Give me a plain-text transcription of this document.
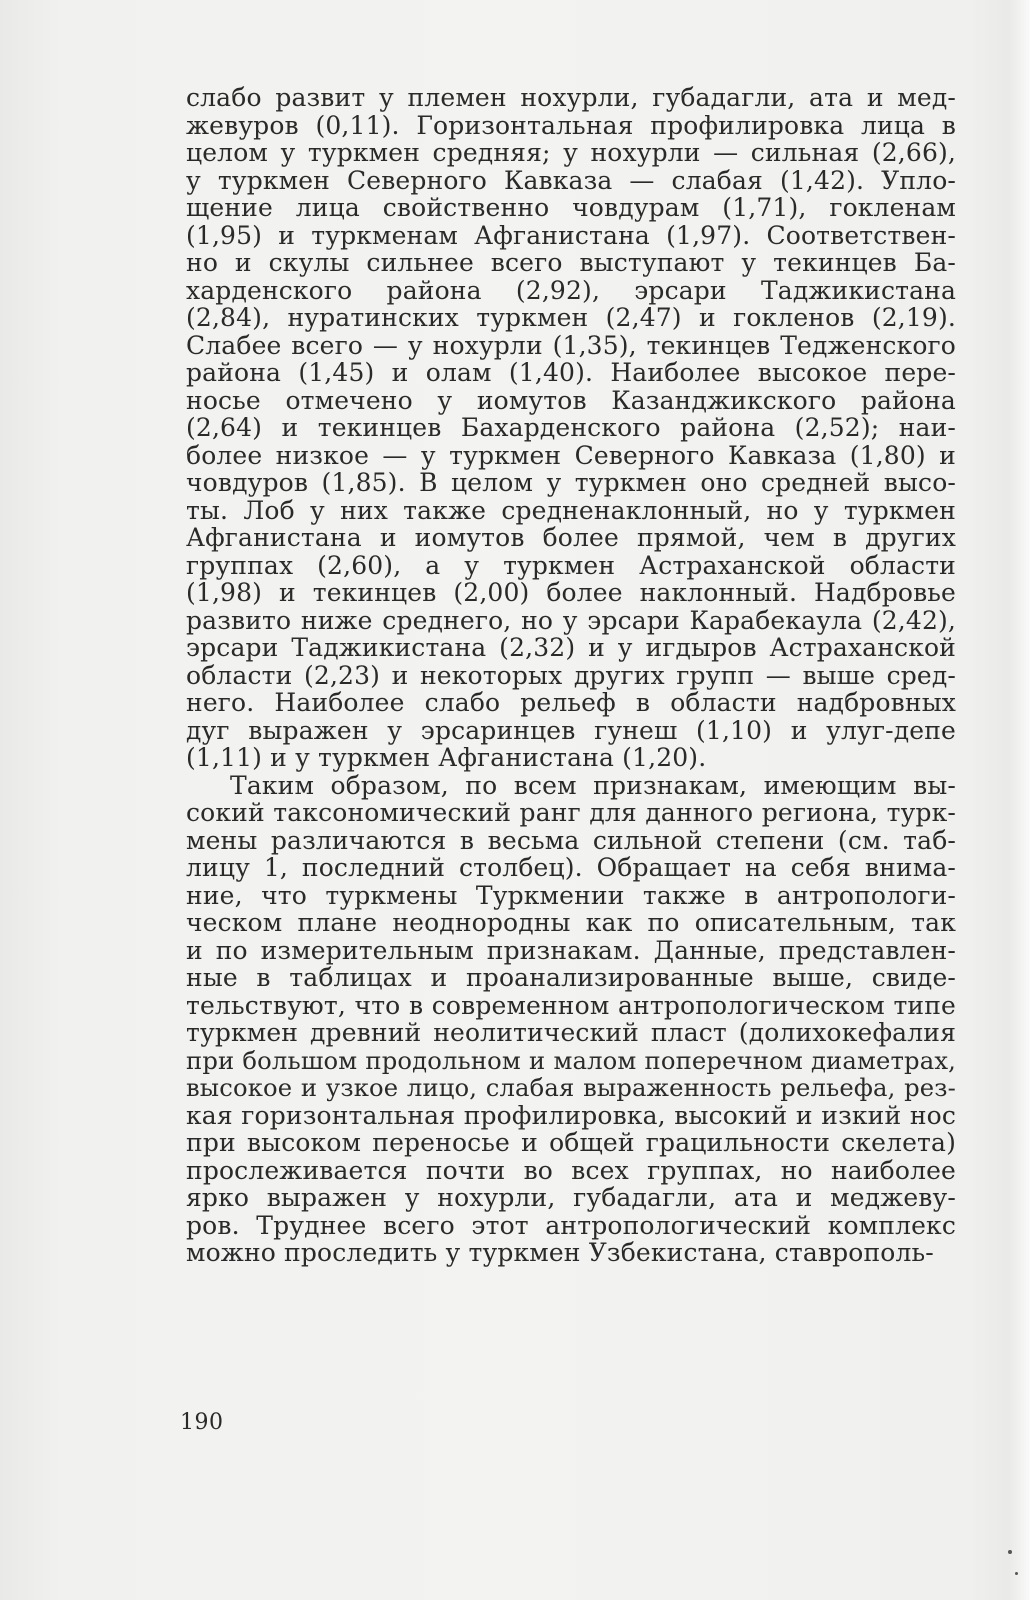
слабо развит у племен нохурли, губадагли, ата и мед-
жевуров (0,11). Горизонтальная профилировка лица в
целом у туркмен средняя; у нохурли — сильная (2,66),
у туркмен Северного Кавказа — слабая (1,42). Упло-
щение лица свойственно човдурам (1,71), гокленам
(1,95) и туркменам Афганистана (1,97). Соответствен-
но и скулы сильнее всего выступают у текинцев Ба-
харденского района (2,92), эрсари Таджикистана
(2,84), нуратинских туркмен (2,47) и гокленов (2,19).
Слабее всего — у нохурли (1,35), текинцев Теджeнского
района (1,45) и олам (1,40). Наиболее высокое пере-
носье отмечено у иомутов Казанджикского района
(2,64) и текинцев Бахарденского района (2,52); наи-
более низкое — у туркмен Северного Кавказа (1,80) и
човдуров (1,85). В целом у туркмен оно средней высо-
ты. Лоб у них также средненаклонный, но у туркмен
Афганистана и иомутов более прямой, чем в других
группах (2,60), а у туркмен Астраханской области
(1,98) и текинцев (2,00) более наклонный. Надбровье
развито ниже среднего, но у эрсари Карабекаула (2,42),
эрсари Таджикистана (2,32) и у игдыров Астраханской
области (2,23) и некоторых других групп — выше сред-
него. Наиболее слабо рельеф в области надбровных
дуг выражен у эрсаринцев гунеш (1,10) и улуг-депе
(1,11) и у туркмен Афганистана (1,20).
Таким образом, по всем признакам, имеющим вы-
сокий таксономический ранг для данного региона, турк-
мены различаются в весьма сильной степени (см. таб-
лицу 1, последний столбец). Обращает на себя внима-
ние, что туркмены Туркмении также в антропологи-
ческом плане неоднородны как по описательным, так
и по измерительным признакам. Данные, представлен-
ные в таблицах и проанализированные выше, свиде-
тельствуют, что в современном антропологическом типе
туркмен древний неолитический пласт (долихокефалия
при большом продольном и малом поперечном диаметрах,
высокое и узкое лицо, слабая выраженность рельефа, рез-
кая горизонтальная профилировка, высокий и изкий нос
при высоком переносье и общей грацильности скелета)
прослеживается почти во всех группах, но наиболее
ярко выражен у нохурли, губадагли, ата и меджеву-
ров. Труднее всего этот антропологический комплекс
можно проследить у туркмен Узбекистана, ставрополь-
190
